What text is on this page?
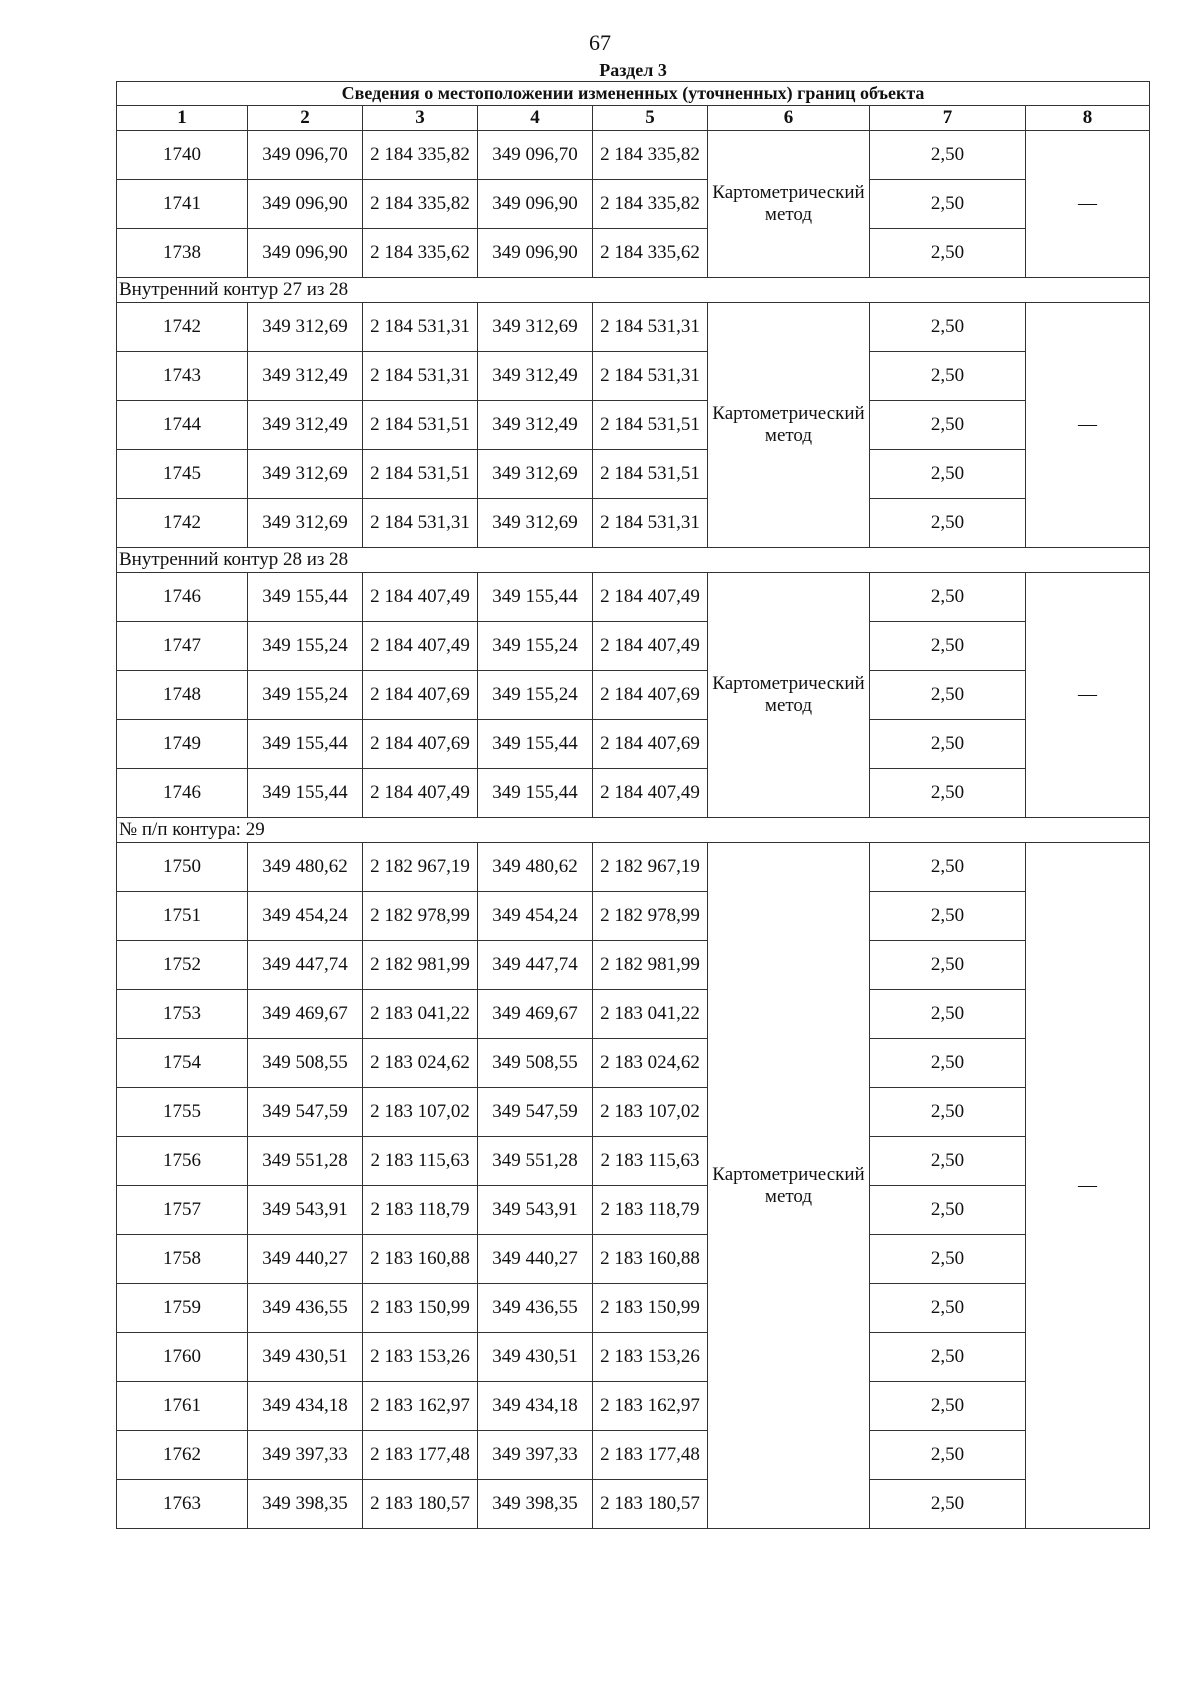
67
Раздел 3							
Сведения о местоположении измененных (уточненных) границ объекта							
1	2	3	4	5	6	7	8
1740	349 096,70	2 184 335,82	349 096,70	2 184 335,82	Картометрический метод	2,50	—
1741	349 096,90	2 184 335,82	349 096,90	2 184 335,82		2,50	
1738	349 096,90	2 184 335,62	349 096,90	2 184 335,62		2,50	
Внутренний контур 27 из 28							
1742	349 312,69	2 184 531,31	349 312,69	2 184 531,31	Картометрический метод	2,50	—
1743	349 312,49	2 184 531,31	349 312,49	2 184 531,31		2,50	
1744	349 312,49	2 184 531,51	349 312,49	2 184 531,51		2,50	
1745	349 312,69	2 184 531,51	349 312,69	2 184 531,51		2,50	
1742	349 312,69	2 184 531,31	349 312,69	2 184 531,31		2,50	
Внутренний контур 28 из 28							
1746	349 155,44	2 184 407,49	349 155,44	2 184 407,49	Картометрический метод	2,50	—
1747	349 155,24	2 184 407,49	349 155,24	2 184 407,49		2,50	
1748	349 155,24	2 184 407,69	349 155,24	2 184 407,69		2,50	
1749	349 155,44	2 184 407,69	349 155,44	2 184 407,69		2,50	
1746	349 155,44	2 184 407,49	349 155,44	2 184 407,49		2,50	
№ п/п контура: 29							
1750	349 480,62	2 182 967,19	349 480,62	2 182 967,19	Картометрический метод	2,50	—
1751	349 454,24	2 182 978,99	349 454,24	2 182 978,99		2,50	
1752	349 447,74	2 182 981,99	349 447,74	2 182 981,99		2,50	
1753	349 469,67	2 183 041,22	349 469,67	2 183 041,22		2,50	
1754	349 508,55	2 183 024,62	349 508,55	2 183 024,62		2,50	
1755	349 547,59	2 183 107,02	349 547,59	2 183 107,02		2,50	
1756	349 551,28	2 183 115,63	349 551,28	2 183 115,63		2,50	
1757	349 543,91	2 183 118,79	349 543,91	2 183 118,79		2,50	
1758	349 440,27	2 183 160,88	349 440,27	2 183 160,88		2,50	
1759	349 436,55	2 183 150,99	349 436,55	2 183 150,99		2,50	
1760	349 430,51	2 183 153,26	349 430,51	2 183 153,26		2,50	
1761	349 434,18	2 183 162,97	349 434,18	2 183 162,97		2,50	
1762	349 397,33	2 183 177,48	349 397,33	2 183 177,48		2,50	
1763	349 398,35	2 183 180,57	349 398,35	2 183 180,57		2,50	
